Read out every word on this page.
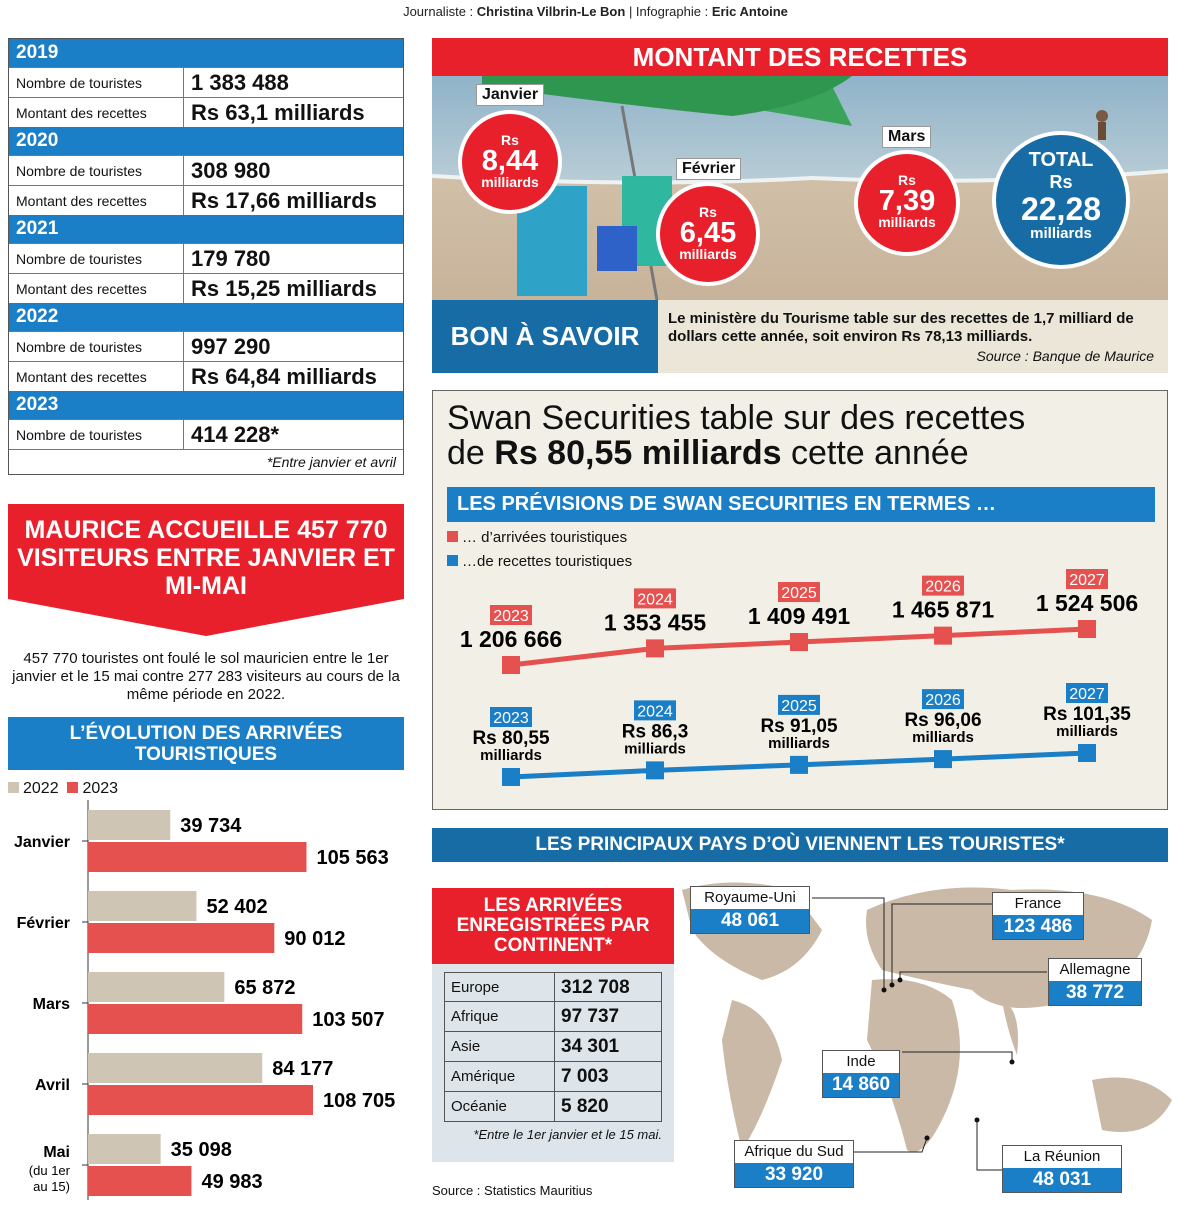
Journaliste : Christina Vilbrin-Le Bon | Infographie : Eric Antoine
2019
Nombre de touristes	1 383 488
Montant des recettes	Rs 63,1 milliards
2020
Nombre de touristes	308 980
Montant des recettes	Rs 17,66 milliards
2021
Nombre de touristes	179 780
Montant des recettes	Rs 15,25 milliards
2022
Nombre de touristes	997 290
Montant des recettes	Rs 64,84 milliards
2023
Nombre de touristes	414 228*
*Entre janvier et avril
MAURICE ACCUEILLE 457 770 VISITEURS ENTRE JANVIER ET MI-MAI
457 770 touristes ont foulé le sol mauricien entre le 1er janvier et le 15 mai contre 277 283 visiteurs au cours de la même période en 2022.
L’ÉVOLUTION DES ARRIVÉES TOURISTIQUES
2022 2023
Janvier
39 734
105 563
Février
52 402
90 012
Mars
65 872
103 507
Avril
84 177
108 705
Mai
(du 1er
au 15)
35 098
49 983
MONTANT DES RECETTES
Janvier
Rs
8,44
milliards
Février
Rs
6,45
milliards
Mars
Rs
7,39
milliards
TOTAL
Rs
22,28
milliards
BON À SAVOIR
Le ministère du Tourisme table sur des recettes de 1,7 milliard de dollars cette année, soit environ Rs 78,13 milliards.
Source : Banque de Maurice
Swan Securities table sur des recettes
de Rs 80,55 milliards cette année
LES PRÉVISIONS DE SWAN SECURITIES EN TERMES …
… d’arrivées touristiques
…de recettes touristiques
2023
1 206 666
2023
Rs 80,55
milliards
2024
1 353 455
2024
Rs 86,3
milliards
2025
1 409 491
2025
Rs 91,05
milliards
2026
1 465 871
2026
Rs 96,06
milliards
2027
1 524 506
2027
Rs 101,35
milliards
LES PRINCIPAUX PAYS D’OÙ VIENNENT LES TOURISTES*
Royaume-Uni
48 061
France
123 486
Allemagne
38 772
Inde
14 860
Afrique du Sud
33 920
La Réunion
48 031
LES ARRIVÉES ENREGISTRÉES PAR CONTINENT*
Europe	312 708
Afrique	97 737
Asie	34 301
Amérique	7 003
Océanie	5 820
*Entre le 1er janvier et le 15 mai.
Source : Statistics Mauritius
